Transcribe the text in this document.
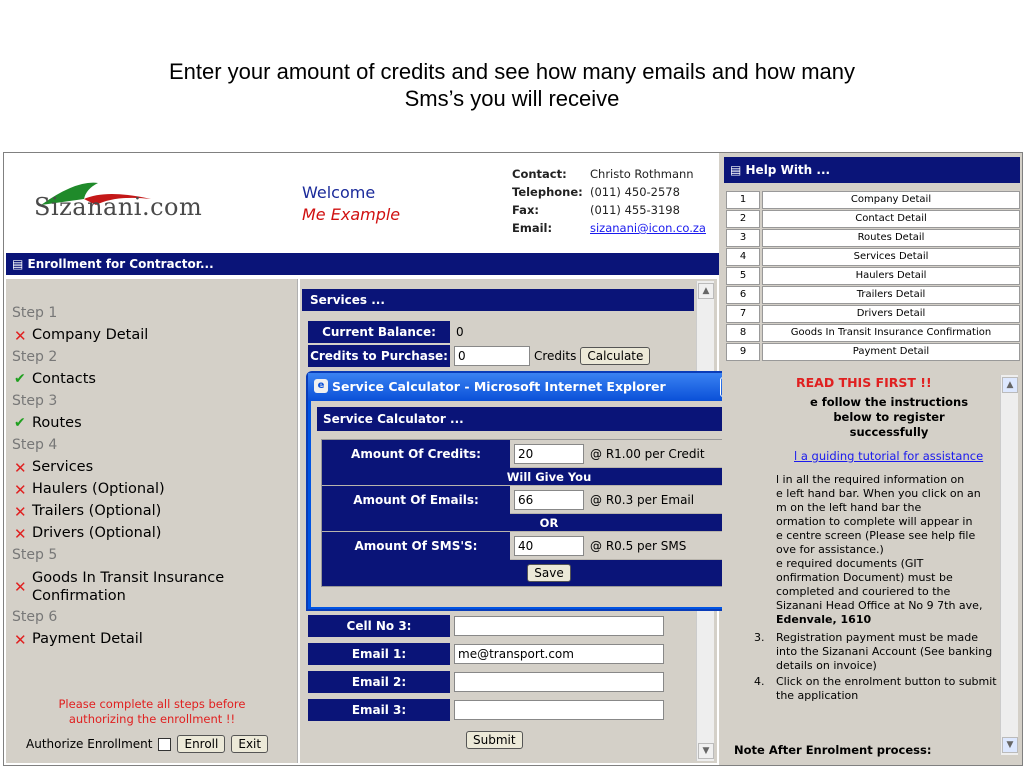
Enter your amount of credits and see how many emails and how many
Sms’s you will receive
Sizanani.com
Welcome
Me Example
Contact:	Christo Rothmann
Telephone: (011) 450-2578
Fax:	(011) 455-3198
Email:	sizanani@icon.co.za
▤ Enrollment for Contractor...
Step 1
✕ Company Detail
Step 2
✔ Contacts
Step 3
✔ Routes
Step 4
✕ Services
✕ Haulers (Optional)
✕ Trailers (Optional)
✕ Drivers (Optional)
Step 5
✕ Goods In Transit Insurance
Confirmation
Step 6
✕ Payment Detail
Please complete all steps before
authorizing the enrollment !!
Authorize Enrollment	Enroll	Exit
Services ...
▲
▼
Current Balance:	0
Credits to Purchase: 0	Credits Calculate
Cell No 3:
Email 1:	me@transport.com
Email 2:
Email 3:
Submit
e Service Calculator - Microsoft Internet Explorer
Service Calculator ...
Amount Of Credits:	20	@ R1.00 per Credit
Will Give You
Amount Of Emails:	66	@ R0.3 per Email
OR
Amount Of SMS'S:	40	@ R0.5 per SMS
Save
▤ Help With ...
1	Company Detail
2	Contact Detail
3	Routes Detail
4	Services Detail
5	Haulers Detail
6	Trailers Detail
7	Drivers Detail
8	Goods In Transit Insurance Confirmation
9	Payment Detail
READ THIS FIRST !!
e follow the instructions below to register successfully
l a guiding tutorial for assistance
l in all the required information on
e left hand bar. When you click on an
m on the left hand bar the
ormation to complete will appear in
e centre screen (Please see help file
ove for assistance.)
e required documents (GIT
onfirmation Document) must be
completed and couriered to the
Sizanani Head Office at No 9 7th ave,
Edenvale, 1610
3. Registration payment must be made
into the Sizanani Account (See banking
details on invoice)
4. Click on the enrolment button to submit
the application
Note After Enrolment process:
▲
▼
